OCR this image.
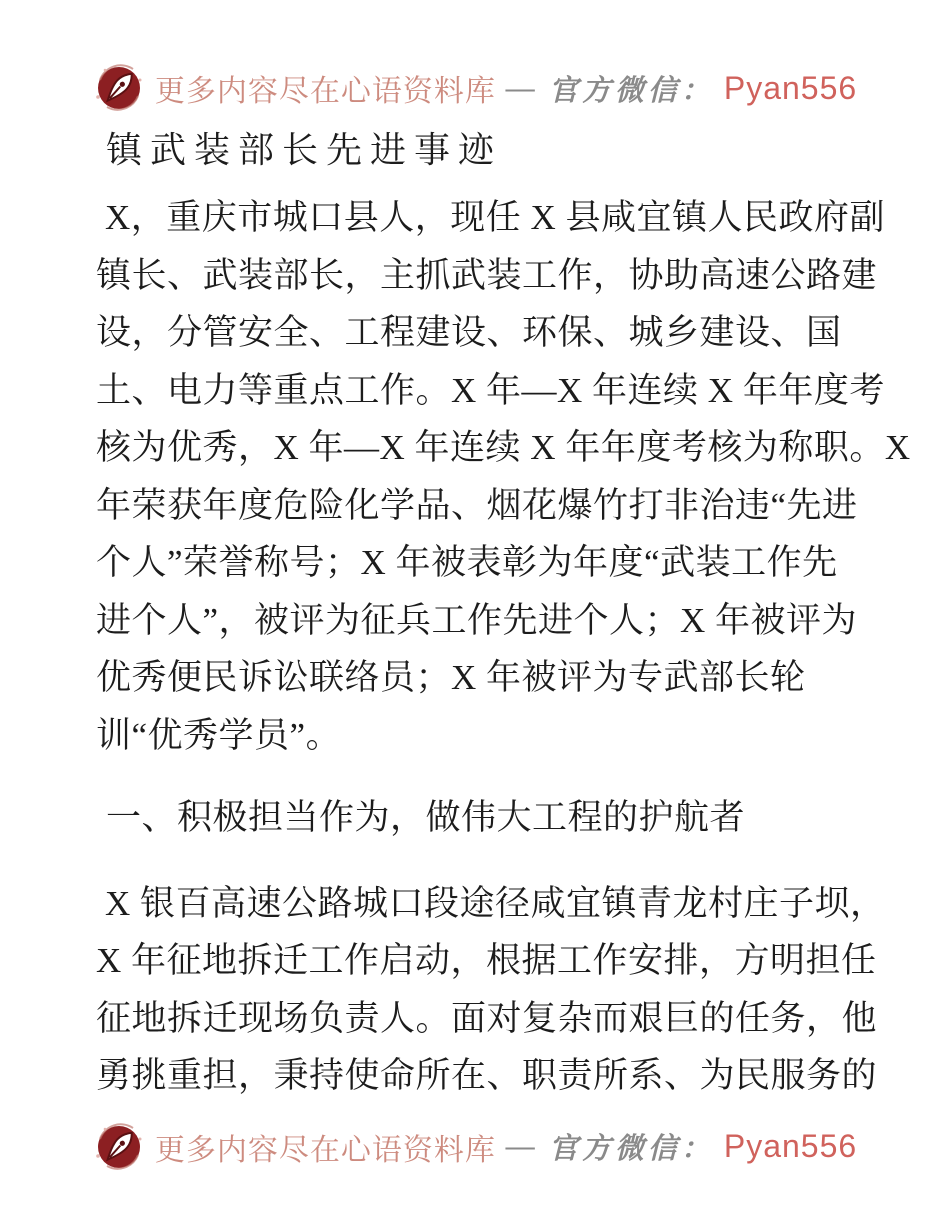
更多内容尽在心语资料库 — 官方微信： Pyan556
镇武装部长先进事迹
X，重庆市城口县人，现任 X 县咸宜镇人民政府副
镇长、武装部长，主抓武装工作，协助高速公路建
设，分管安全、工程建设、环保、城乡建设、国
土、电力等重点工作。X 年—X 年连续 X 年年度考
核为优秀，X 年—X 年连续 X 年年度考核为称职。X
年荣获年度危险化学品、烟花爆竹打非治违“先进
个人”荣誉称号；X 年被表彰为年度“武装工作先
进个人”，被评为征兵工作先进个人；X 年被评为
优秀便民诉讼联络员；X 年被评为专武部长轮
训“优秀学员”。
一、积极担当作为，做伟大工程的护航者
X 银百高速公路城口段途径咸宜镇青龙村庄子坝，
X 年征地拆迁工作启动，根据工作安排，方明担任
征地拆迁现场负责人。面对复杂而艰巨的任务，他
勇挑重担，秉持使命所在、职责所系、为民服务的
更多内容尽在心语资料库 — 官方微信： Pyan556
